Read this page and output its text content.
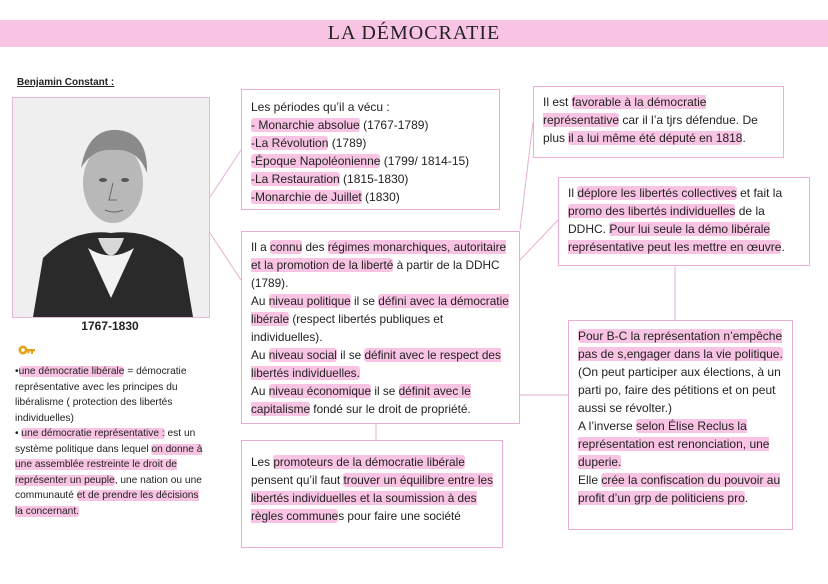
LA DÉMOCRATIE
Benjamin Constant :
1767-1830

•une démocratie libérale = démocratie représentative avec les principes du libéralisme ( protection des libertés individuelles)

• une démocratie représentative : est un système politique dans lequel on donne à une assemblée restreinte le droit de représenter un peuple, une nation ou une communauté et de prendre les décisions la concernant.

Les périodes qu’il a vécu :

- Monarchie absolue (1767-1789)

-La Révolution (1789)

-Époque Napoléonienne (1799/ 1814-15)

-La Restauration (1815-1830)

-Monarchie de Juillet (1830)

Il a connu des régimes monarchiques, autoritaire et la promotion de la liberté à partir de la DDHC (1789).

Au niveau politique il se défini avec la démocratie libérale (respect libertés publiques et individuelles).

Au niveau social il se définit avec le respect des libertés individuelles.

Au niveau économique il se définit avec le capitalisme fondé sur le droit de propriété.

Les promoteurs de la démocratie libérale pensent qu’il faut trouver un équilibre entre les libertés individuelles et la soumission à des règles communes pour faire une société

Il est favorable à la démocratie représentative car il l’a tjrs défendue. De plus il a lui même été député en 1818.

Il déplore les libertés collectives et fait la promo des libertés individuelles de la DDHC. Pour lui seule la démo libérale représentative peut les mettre en œuvre.

Pour B-C la représentation n’empêche pas de s,engager dans la vie politique.

(On peut participer aux élections, à un parti po, faire des pétitions et on peut aussi se révolter.)

A l’inverse selon Élise Reclus la représentation est renonciation, une duperie.

Elle crée la confiscation du pouvoir au profit d’un grp de politiciens pro.
